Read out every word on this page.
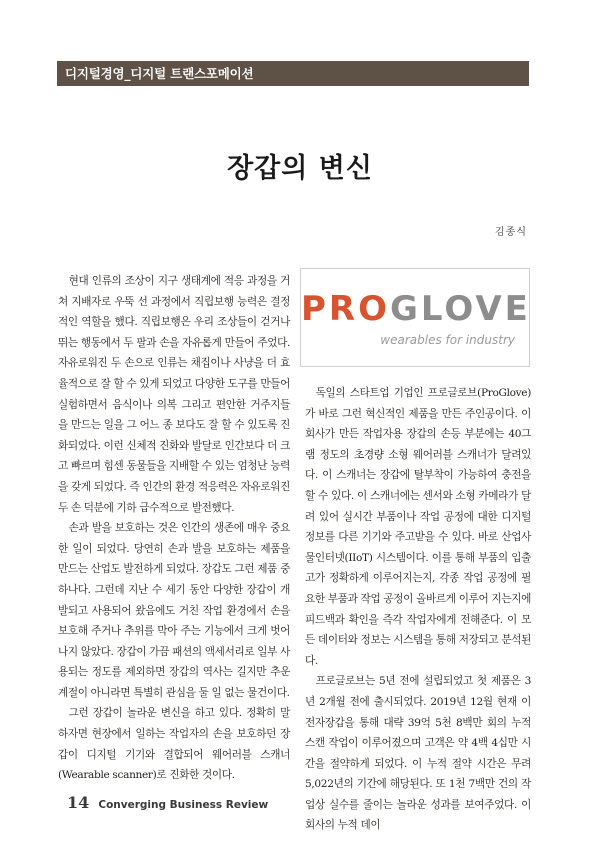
디지털경영_디지털 트랜스포메이션
장갑의 변신
김종식

현대 인류의 조상이 지구 생태계에 적응 과정을 거쳐 지배자로 우뚝 선 과정에서 직립보행 능력은 결정적인 역할을 했다. 직립보행은 우리 조상들이 걷거나 뛰는 행동에서 두 팔과 손을 자유롭게 만들어 주었다. 자유로워진 두 손으로 인류는 채집이나 사냥을 더 효율적으로 잘 할 수 있게 되었고 다양한 도구를 만들어 실험하면서 음식이나 의복 그리고 편안한 거주지들을 만드는 일을 그 어느 종 보다도 잘 할 수 있도록 진화되었다. 이런 신체적 진화와 발달로 인간보다 더 크고 빠르며 힘센 동물들을 지배할 수 있는 엄청난 능력을 갖게 되었다. 즉 인간의 환경 적응력은 자유로워진 두 손 덕분에 기하 급수적으로 발전했다.

손과 발을 보호하는 것은 인간의 생존에 매우 중요한 일이 되었다. 당연히 손과 발을 보호하는 제품을 만드는 산업도 발전하게 되었다. 장갑도 그런 제품 중 하나다. 그런데 지난 수 세기 동안 다양한 장갑이 개발되고 사용되어 왔음에도 거친 작업 환경에서 손을 보호해 주거나 추위를 막아 주는 기능에서 크게 벗어 나지 않았다. 장갑이 가끔 패션의 액세서리로 일부 사용되는 정도를 제외하면 장갑의 역사는 길지만 추운 계절이 아니라면 특별히 관심을 둘 일 없는 물건이다.

그런 장갑이 놀라운 변신을 하고 있다. 정확히 말하자면 현장에서 일하는 작업자의 손을 보호하던 장갑이 디지털 기기와 결합되어 웨어러블 스캐너(Wearable scanner)로 진화한 것이다.

PROGLOVE
wearables for industry

독일의 스타트업 기업인 프로글로브(ProGlove)가 바로 그런 혁신적인 제품을 만든 주인공이다. 이 회사가 만든 작업자용 장갑의 손등 부분에는 40그램 정도의 초경량 소형 웨어러블 스캐너가 달려있다. 이 스캐너는 장갑에 탈부착이 가능하여 충전을 할 수 있다. 이 스캐너에는 센서와 소형 카메라가 달려 있어 실시간 부품이나 작업 공정에 대한 디지털 정보를 다른 기기와 주고받을 수 있다. 바로 산업사물인터넷(IIoT) 시스템이다. 이를 통해 부품의 입출고가 정확하게 이루어지는지, 각종 작업 공정에 필요한 부품과 작업 공정이 올바르게 이루어 지는지에 피드백과 확인을 즉각 작업자에게 전해준다. 이 모든 데이터와 정보는 시스템을 통해 저장되고 분석된다.

프로글로브는 5년 전에 설립되었고 첫 제품은 3년 2개월 전에 출시되었다. 2019년 12월 현재 이 전자장갑을 통해 대략 39억 5천 8백만 회의 누적 스캔 작업이 이루어졌으며 고객은 약 4백 4십만 시간을 절약하게 되었다. 이 누적 절약 시간은 무려 5,022년의 기간에 해당된다. 또 1천 7백만 건의 작업상 실수를 줄이는 놀라운 성과를 보여주었다. 이 회사의 누적 데이

14 Converging Business Review
